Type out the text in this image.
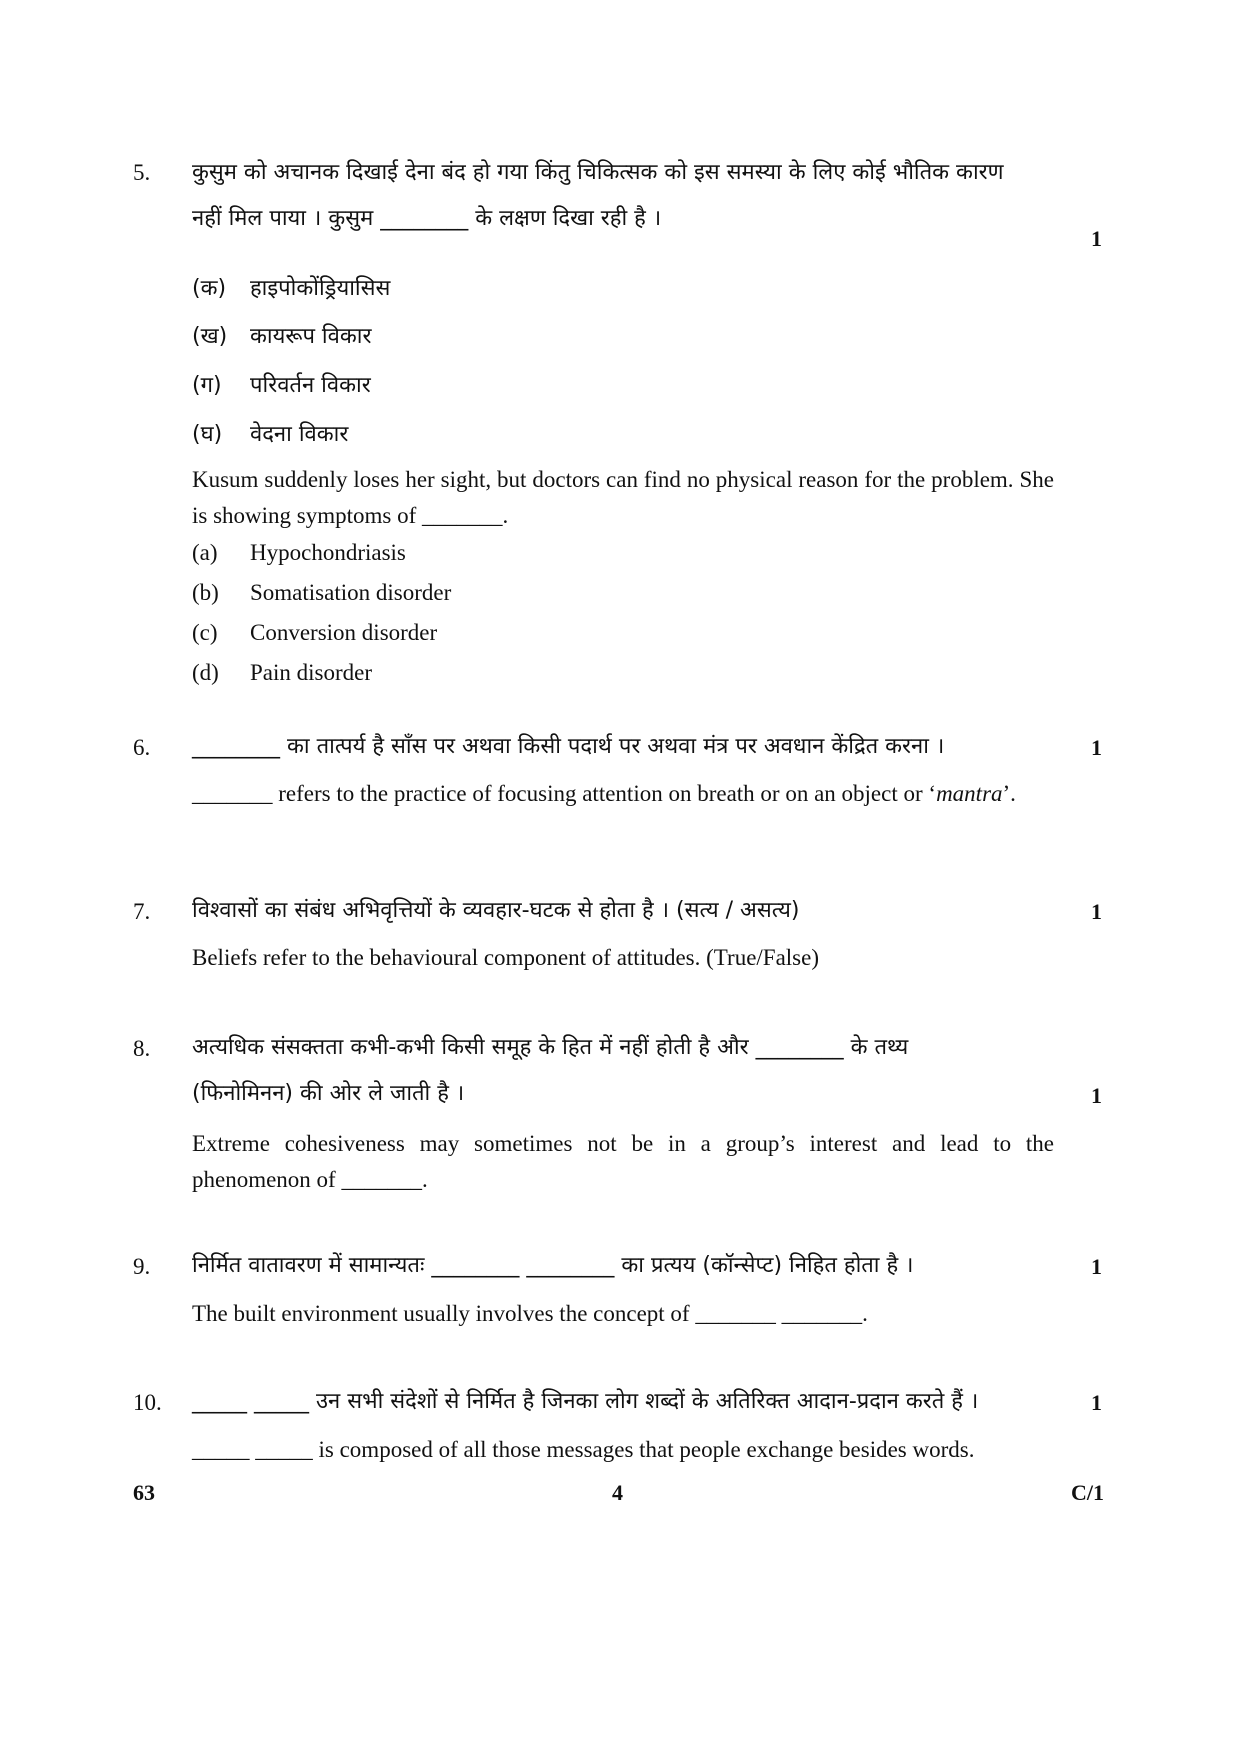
5. कुसुम को अचानक दिखाई देना बंद हो गया किंतु चिकित्सक को इस समस्या के लिए कोई भौतिक कारण
नहीं मिल पाया । कुसुम ________ के लक्षण दिखा रही है ।
1
(क) हाइपोकोंड्रियासिस
(ख) कायरूप विकार
(ग) परिवर्तन विकार
(घ) वेदना विकार
Kusum suddenly loses her sight, but doctors can find no physical reason for the problem. She is showing symptoms of _______.
(a) Hypochondriasis
(b) Somatisation disorder
(c) Conversion disorder
(d) Pain disorder
6. ________ का तात्पर्य है साँस पर अथवा किसी पदार्थ पर अथवा मंत्र पर अवधान केंद्रित करना ।	1
_______ refers to the practice of focusing attention on breath or on an object or ‘mantra’.
7. विश्वासों का संबंध अभिवृत्तियों के व्यवहार-घटक से होता है । (सत्य / असत्य)	1
Beliefs refer to the behavioural component of attitudes. (True/False)
8. अत्यधिक संसक्तता कभी-कभी किसी समूह के हित में नहीं होती है और ________ के तथ्य
(फिनोमिनन) की ओर ले जाती है ।	1
Extreme cohesiveness may sometimes not be in a group’s interest and lead to the phenomenon of _______.
9. निर्मित वातावरण में सामान्यतः ________ ________ का प्रत्यय (कॉन्सेप्ट) निहित होता है ।	1
The built environment usually involves the concept of _______ _______.
10. _____ _____ उन सभी संदेशों से निर्मित है जिनका लोग शब्दों के अतिरिक्त आदान-प्रदान करते हैं ।	1
_____ _____ is composed of all those messages that people exchange besides words.
63	4	C/1
